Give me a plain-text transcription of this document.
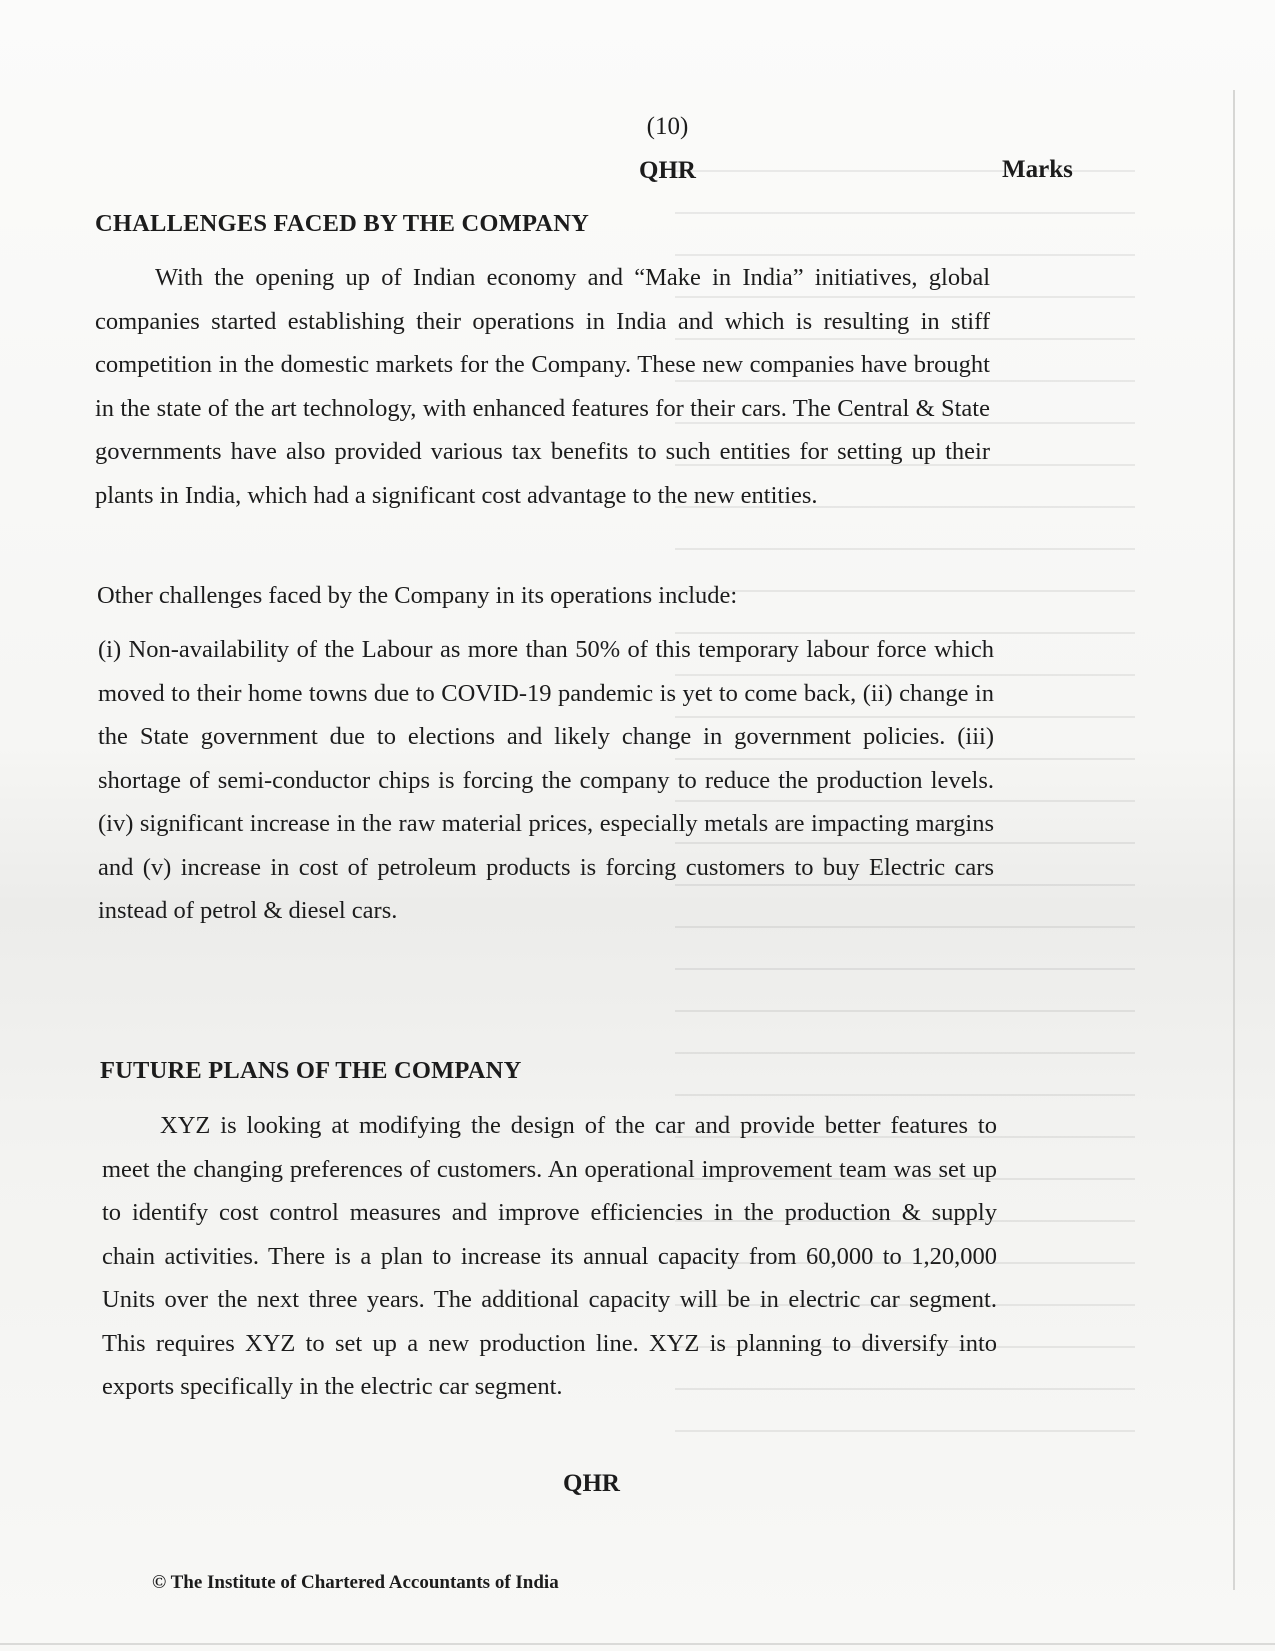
(10)
QHR	Marks
CHALLENGES FACED BY THE COMPANY
With the opening up of Indian economy and “Make in India” initiatives, global companies started establishing their operations in India and which is resulting in stiff competition in the domestic markets for the Company. These new companies have brought in the state of the art technology, with enhanced features for their cars. The Central & State governments have also provided various tax benefits to such entities for setting up their plants in India, which had a significant cost advantage to the new entities.
Other challenges faced by the Company in its operations include:
(i) Non-availability of the Labour as more than 50% of this temporary labour force which moved to their home towns due to COVID-19 pandemic is yet to come back, (ii) change in the State government due to elections and likely change in government policies. (iii) shortage of semi-conductor chips is forcing the company to reduce the production levels. (iv) significant increase in the raw material prices, especially metals are impacting margins and (v) increase in cost of petroleum products is forcing customers to buy Electric cars instead of petrol & diesel cars.
FUTURE PLANS OF THE COMPANY
XYZ is looking at modifying the design of the car and provide better features to meet the changing preferences of customers. An operational improvement team was set up to identify cost control measures and improve efficiencies in the production & supply chain activities. There is a plan to increase its annual capacity from 60,000 to 1,20,000 Units over the next three years. The additional capacity will be in electric car segment. This requires XYZ to set up a new production line. XYZ is planning to diversify into exports specifically in the electric car segment.
QHR
© The Institute of Chartered Accountants of India
